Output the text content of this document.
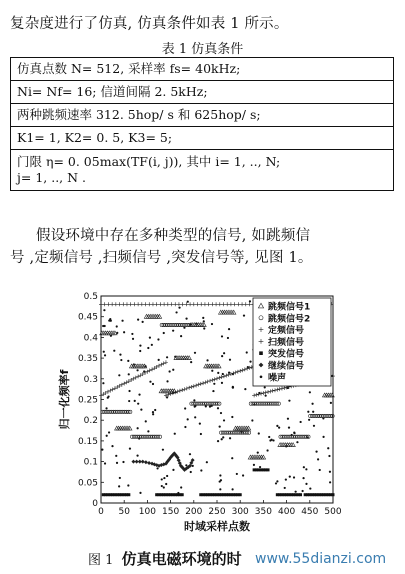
复杂度进行了仿真, 仿真条件如表 1 所示。
表 1 仿真条件
仿真点数 N= 512, 采样率 fs= 40kHz;

Ni= Nf= 16; 信道间隔 2. 5kHz;

两种跳频速率 312. 5hop/ s 和 625hop/ s;

K1= 1, K2= 0. 5, K3= 5;

门限 η= 0. 05max(TF(i, j)), 其中 i= 1, .., N;
j= 1, .., N .
假设环境中存在多种类型的信号, 如跳频信
号 ,定频信号 ,扫频信号 ,突发信号等, 见图 1。
0 50 100 150 200 250 300 350 400 450 500
0
0.05
0.1
0.15
0.2
0.25
0.3
0.35
0.4
0.45
0.5
时域采样点数
归一化频率f
跳频信号1
跳频信号2
定频信号
扫频信号
突发信号
继续信号
噪声
图 1 仿真电磁环境的时 www.55dianzi.com
